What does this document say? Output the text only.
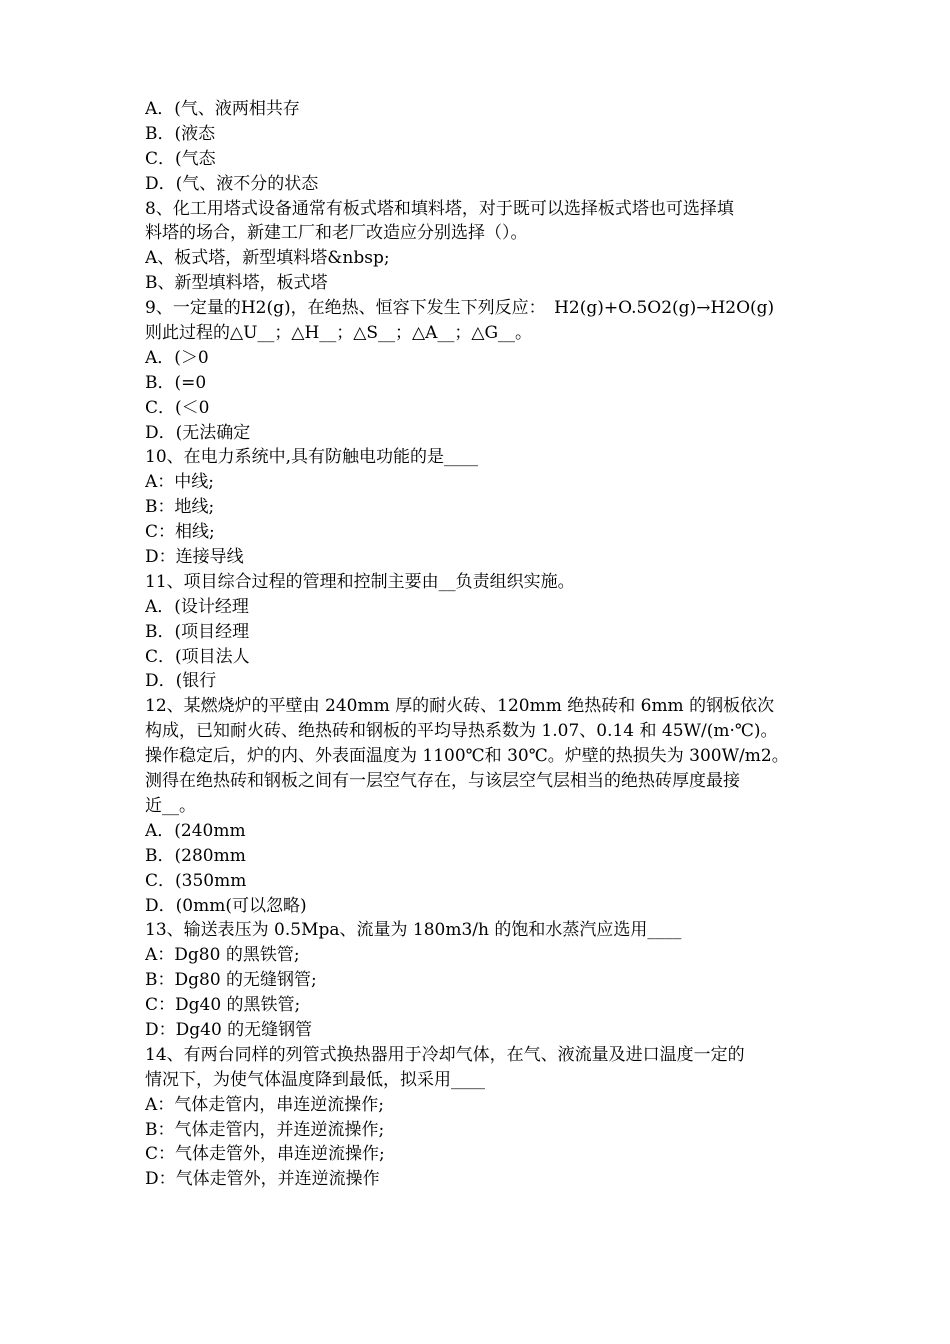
A．(气、液两相共存
B．(液态
C．(气态
D．(气、液不分的状态
8、化工用塔式设备通常有板式塔和填料塔，对于既可以选择板式塔也可选择填
料塔的场合，新建工厂和老厂改造应分别选择（）。
A、板式塔，新型填料塔&nbsp;
B、新型填料塔，板式塔
9、一定量的H2(g)，在绝热、恒容下发生下列反应：　H2(g)+O.5O2(g)→H2O(g)
则此过程的△U__；△H__；△S__；△A__；△G__。
A．(＞0
B．(=0
C．(＜0
D．(无法确定
10、在电力系统中,具有防触电功能的是____
A：中线;
B：地线;
C：相线;
D：连接导线
11、项目综合过程的管理和控制主要由__负责组织实施。
A．(设计经理
B．(项目经理
C．(项目法人
D．(银行
12、某燃烧炉的平壁由 240mm 厚的耐火砖、120mm 绝热砖和 6mm 的钢板依次
构成，已知耐火砖、绝热砖和钢板的平均导热系数为 1.07、0.14 和 45W/(m·℃)。
操作稳定后，炉的内、外表面温度为 1100℃和 30℃。炉壁的热损失为 300W/m2。
测得在绝热砖和钢板之间有一层空气存在，与该层空气层相当的绝热砖厚度最接
近__。
A．(240mm
B．(280mm
C．(350mm
D．(0mm(可以忽略)
13、输送表压为 0.5Mpa、流量为 180m3/h 的饱和水蒸汽应选用____
A：Dg80 的黑铁管;
B：Dg80 的无缝钢管;
C：Dg40 的黑铁管;
D：Dg40 的无缝钢管
14、有两台同样的列管式换热器用于冷却气体，在气、液流量及进口温度一定的
情况下，为使气体温度降到最低，拟采用____
A：气体走管内，串连逆流操作;
B：气体走管内，并连逆流操作;
C：气体走管外，串连逆流操作;
D：气体走管外，并连逆流操作
